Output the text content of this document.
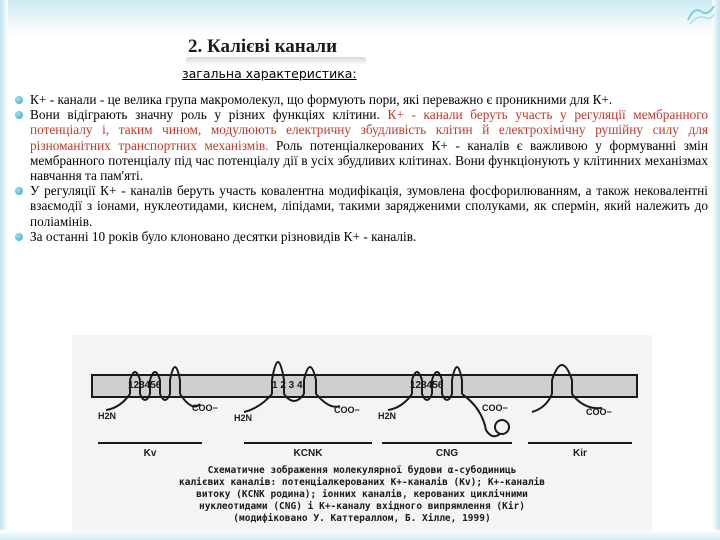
2. Калієві канали
загальна характеристика:
К+ - канали - це велика група макромолекул, що формують пори, які переважно є проникними для К+.
Вони відіграють значну роль у різних функціях клітини. К+ - канали беруть участь у регуляції мембранного потенціалу і, таким чином, модулюють електричну збудливість клітин й електрохімічну рушійну силу для різноманітних транспортних механізмів. Роль потенціалкерованих К+ - каналів є важливою у формуванні змін мембранного потенціалу під час потенціалу дії в усіх збудливих клітинах. Вони функціонують у клітинних механізмах навчання та пам'яті.
У регуляції К+ - каналів беруть участь ковалентна модифікація, зумовлена фосфорилюванням, а також нековалентні взаємодії з іонами, нуклеотидами, киснем, ліпідами, такими зарядженими сполуками, як спермін, який належить до поліамінів.
За останні 10 років було клоновано десятки різновидів К+ - каналів.
123456
H2N
COO−
Kv
1 2 3 4
H2N
COO−
KCNK
123456
H2N
COO−
CNG
COO−
Kir
Схематичне зображення молекулярної будови α-субодиниць
калієвих каналів: потенціалкерованих К+-каналів (Kv); К+-каналів
витоку (KCNK родина); іонних каналів, керованих циклічними
нуклеотидами (CNG) і К+-каналу вхідного випрямлення (Kir)
(модифіковано У. Каттераллом, Б. Хілле, 1999)
